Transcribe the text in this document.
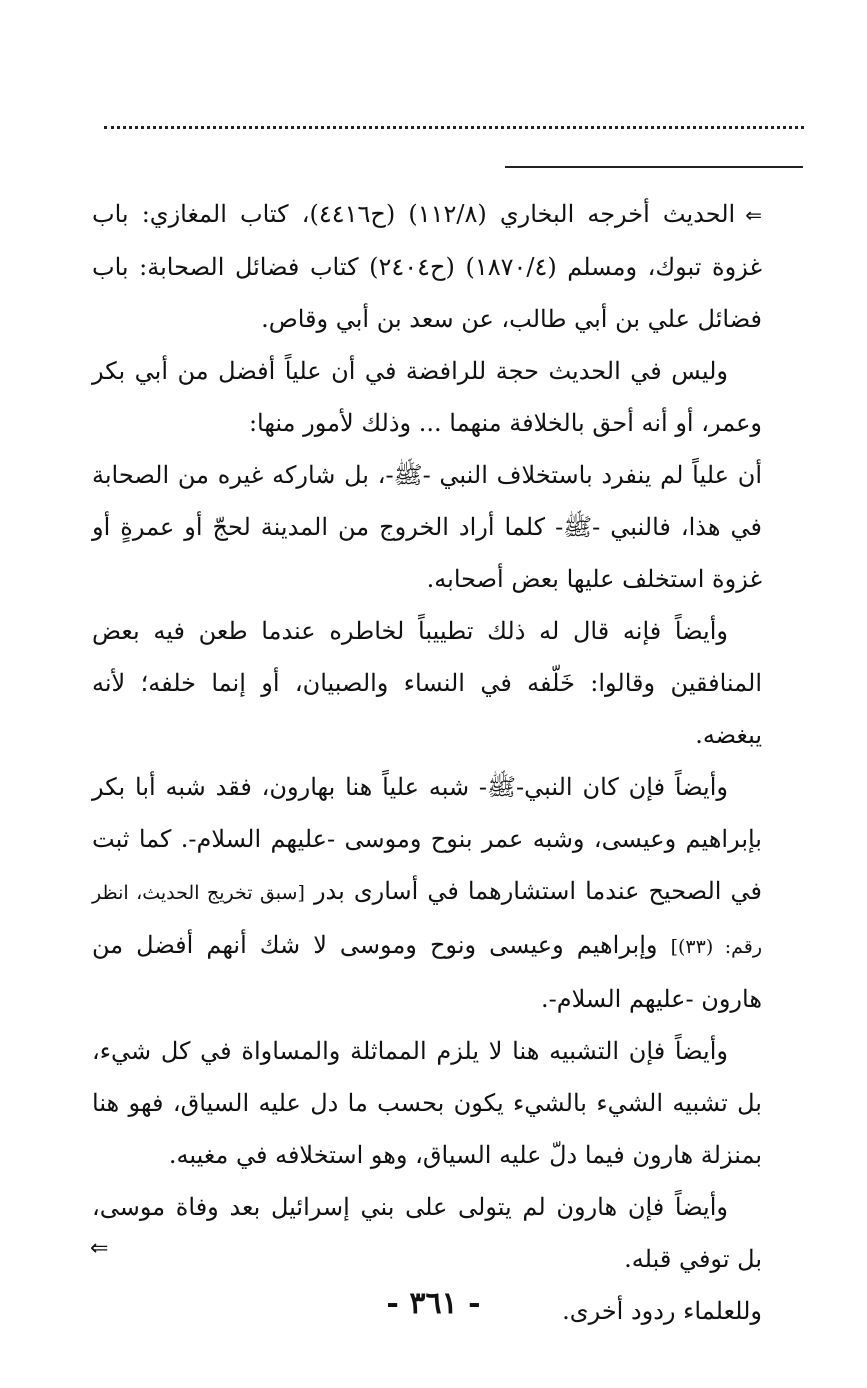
⇐الحديث أخرجه البخاري (١١٢/٨) (ح٤٤١٦)، كتاب المغازي: باب غزوة تبوك، ومسلم (١٨٧٠/٤) (ح٢٤٠٤) كتاب فضائل الصحابة: باب فضائل علي بن أبي طالب، عن سعد بن أبي وقاص.

وليس في الحديث حجة للرافضة في أن علياً أفضل من أبي بكر وعمر، أو أنه أحق بالخلافة منهما ... وذلك لأمور منها:

أن علياً لم ينفرد باستخلاف النبي -ﷺ-، بل شاركه غيره من الصحابة في هذا، فالنبي -ﷺ- كلما أراد الخروج من المدينة لحجّ أو عمرةٍ أو غزوة استخلف عليها بعض أصحابه.

وأيضاً فإنه قال له ذلك تطييباً لخاطره عندما طعن فيه بعض المنافقين وقالوا: خَلّفه في النساء والصبيان، أو إنما خلفه؛ لأنه يبغضه.

وأيضاً فإن كان النبي-ﷺ- شبه علياً هنا بهارون، فقد شبه أبا بكر بإبراهيم وعيسى، وشبه عمر بنوح وموسى -عليهم السلام-. كما ثبت في الصحيح عندما استشارهما في أسارى بدر [سبق تخريج الحديث، انظر رقم: (٣٣)] وإبراهيم وعيسى ونوح وموسى لا شك أنهم أفضل من هارون -عليهم السلام-.

وأيضاً فإن التشبيه هنا لا يلزم المماثلة والمساواة في كل شيء، بل تشبيه الشيء بالشيء يكون بحسب ما دل عليه السياق، فهو هنا بمنزلة هارون فيما دلّ عليه السياق، وهو استخلافه في مغيبه.

وأيضاً فإن هارون لم يتولى على بني إسرائيل بعد وفاة موسى، بل توفي قبله.

وللعلماء ردود أخرى.

⇐
- ٣٦١ -
